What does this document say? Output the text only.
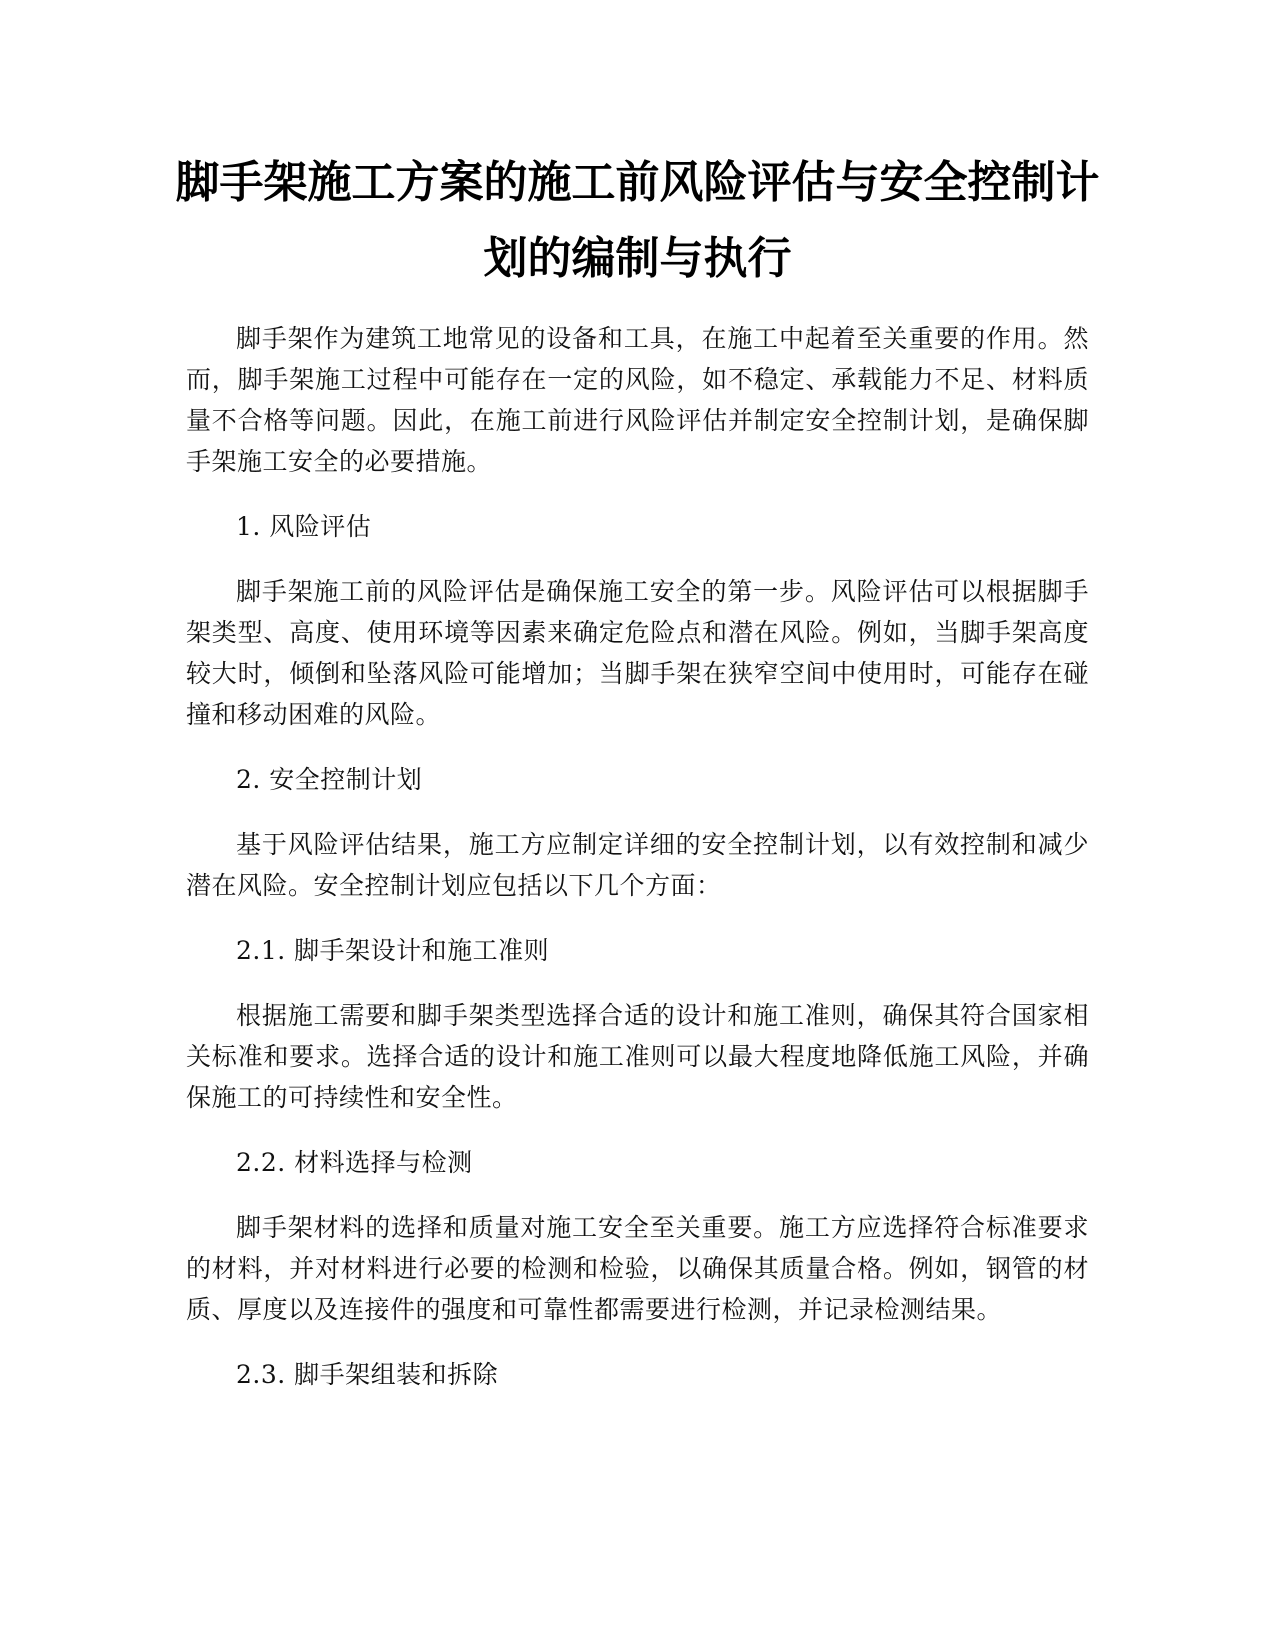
脚手架施工方案的施工前风险评估与安全控制计划的编制与执行

脚手架作为建筑工地常见的设备和工具，在施工中起着至关重要的作用。然而，脚手架施工过程中可能存在一定的风险，如不稳定、承载能力不足、材料质量不合格等问题。因此，在施工前进行风险评估并制定安全控制计划，是确保脚手架施工安全的必要措施。

1. 风险评估

脚手架施工前的风险评估是确保施工安全的第一步。风险评估可以根据脚手架类型、高度、使用环境等因素来确定危险点和潜在风险。例如，当脚手架高度较大时，倾倒和坠落风险可能增加；当脚手架在狭窄空间中使用时，可能存在碰撞和移动困难的风险。

2. 安全控制计划

基于风险评估结果，施工方应制定详细的安全控制计划，以有效控制和减少潜在风险。安全控制计划应包括以下几个方面：

2.1. 脚手架设计和施工准则

根据施工需要和脚手架类型选择合适的设计和施工准则，确保其符合国家相关标准和要求。选择合适的设计和施工准则可以最大程度地降低施工风险，并确保施工的可持续性和安全性。

2.2. 材料选择与检测

脚手架材料的选择和质量对施工安全至关重要。施工方应选择符合标准要求的材料，并对材料进行必要的检测和检验，以确保其质量合格。例如，钢管的材质、厚度以及连接件的强度和可靠性都需要进行检测，并记录检测结果。

2.3. 脚手架组装和拆除
